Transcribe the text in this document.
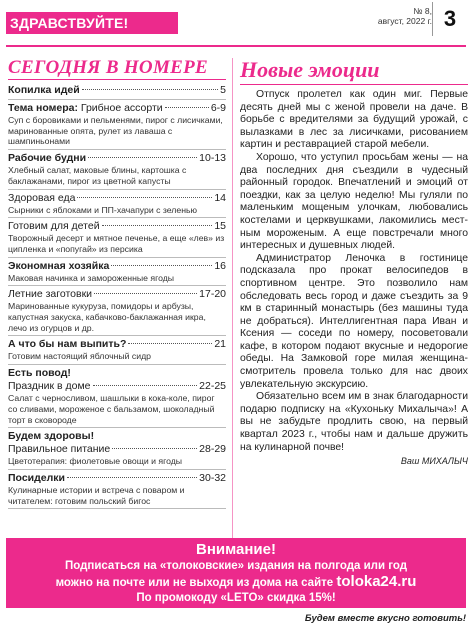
ЗДРАВСТВУЙТЕ!
№ 8,
август, 2022 г. 3
СЕГОДНЯ В НОМЕРЕ
Копилка идей	5
Тема номера: Грибное ассорти	6-9
Суп с боровиками и пельменями, пирог с лисичками, маринованные опята, рулет из лаваша с шампиньонами
Рабочие будни	10-13
Хлебный салат, маковые блины, картошка с баклажанами, пирог из цветной капусты
Здоровая еда	14
Сырники с яблоками и ПП-хачапури с зеленью
Готовим для детей	15
Творожный десерт и мятное печенье, а еще «лев» из ципленка и «попугай» из персика
Экономная хозяйка	16
Маковая начинка и замороженные ягоды
Летние заготовки	17-20
Маринованные кукуруза, помидоры и арбузы, капустная закуска, кабачково-баклажанная икра, лечо из огурцов и др.
А что бы нам выпить?	21
Готовим настоящий яблочный сидр
Есть повод!
Праздник в доме	22-25
Салат с черносливом, шашлыки в кока-коле, пирог со сливами, мороженое с бальзамом, шоколадный торт в сковороде
Будем здоровы!
Правильное питание	28-29
Цветотерапия: фиолетовые овощи и ягоды
Посиделки	30-32
Кулинарные истории и встреча с поваром и читателем: готовим польский бигос
Новые эмоции

Отпуск пролетел как один миг. Первые десять дней мы с женой провели на даче. В борьбе с вредителями за будущий урожай, с вылазками в лес за лисичками, рисованием картин и реставрацией старой мебели.

Хорошо, что уступил просьбам жены — на два последних дня съездили в чудесный районный городок. Впечатлений и эмоций от поездки, как за целую неделю! Мы гуляли по маленьким мощеным улочкам, любовались костелами и церквушками, лакомились местным мороженым. А еще повстречали много интересных и душевных людей.

Администратор Леночка в гостинице подсказала про прокат велосипедов в спортивном центре. Это позволило нам обследовать весь город и даже съездить за 9 км в старинный монастырь (без машины туда не добраться). Интеллигентная пара Иван и Ксения — соседи по номеру, посоветовали кафе, в котором подают вкусные и недорогие обеды. На Замковой горе милая женщина-смотритель провела только для нас двоих увлекательную экскурсию.

Обязательно всем им в знак благодарности подарю подписку на «Кухоньку Михалыча»! А вы не забудьте продлить свою, на первый квартал 2023 г., чтобы нам и дальше дружить на кулинарной почве!

Ваш МИХАЛЫЧ
Внимание!
Подписаться на «толоковские» издания на полгода или год
можно на почте или не выходя из дома на сайте toloka24.ru
По промокоду «LETO» скидка 15%!
Будем вместе вкусно готовить!
